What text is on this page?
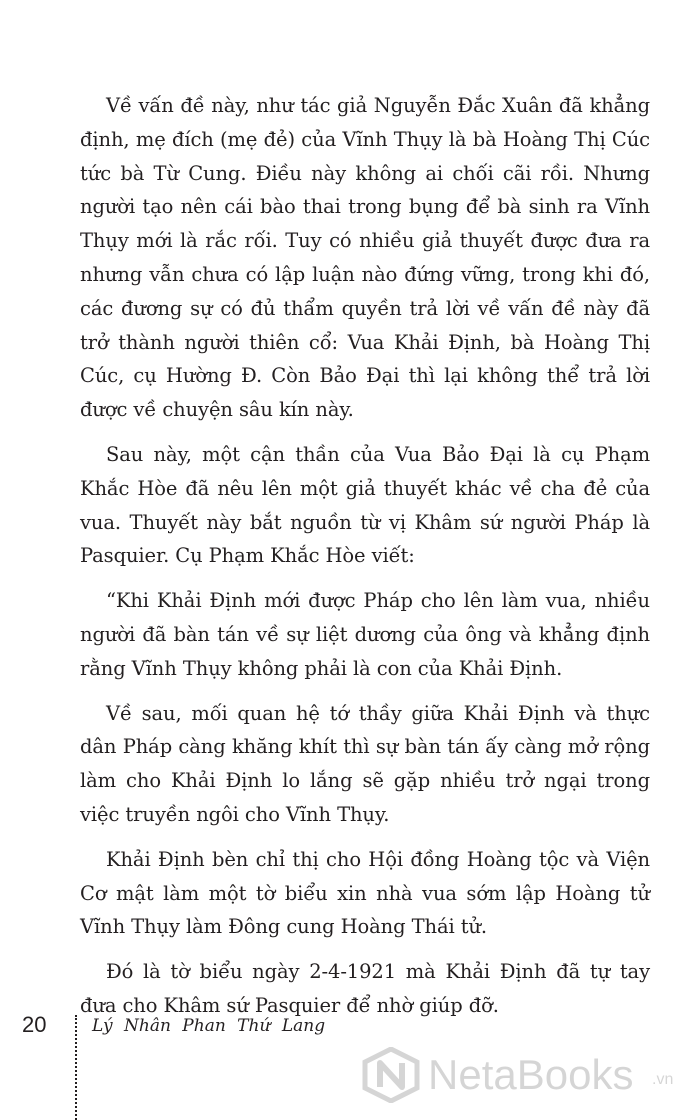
Về vấn đề này, như tác giả Nguyễn Đắc Xuân đã khẳng định, mẹ đích (mẹ đẻ) của Vĩnh Thụy là bà Hoàng Thị Cúc tức bà Từ Cung. Điều này không ai chối cãi rồi. Nhưng người tạo nên cái bào thai trong bụng để bà sinh ra Vĩnh Thụy mới là rắc rối. Tuy có nhiều giả thuyết được đưa ra nhưng vẫn chưa có lập luận nào đứng vững, trong khi đó, các đương sự có đủ thẩm quyền trả lời về vấn đề này đã trở thành người thiên cổ: Vua Khải Định, bà Hoàng Thị Cúc, cụ Hường Đ. Còn Bảo Đại thì lại không thể trả lời được về chuyện sâu kín này.

Sau này, một cận thần của Vua Bảo Đại là cụ Phạm Khắc Hòe đã nêu lên một giả thuyết khác về cha đẻ của vua. Thuyết này bắt nguồn từ vị Khâm sứ người Pháp là Pasquier. Cụ Phạm Khắc Hòe viết:

“Khi Khải Định mới được Pháp cho lên làm vua, nhiều người đã bàn tán về sự liệt dương của ông và khẳng định rằng Vĩnh Thụy không phải là con của Khải Định.

Về sau, mối quan hệ tớ thầy giữa Khải Định và thực dân Pháp càng khăng khít thì sự bàn tán ấy càng mở rộng làm cho Khải Định lo lắng sẽ gặp nhiều trở ngại trong việc truyền ngôi cho Vĩnh Thụy.

Khải Định bèn chỉ thị cho Hội đồng Hoàng tộc và Viện Cơ mật làm một tờ biểu xin nhà vua sớm lập Hoàng tử Vĩnh Thụy làm Đông cung Hoàng Thái tử.

Đó là tờ biểu ngày 2-4-1921 mà Khải Định đã tự tay đưa cho Khâm sứ Pasquier để nhờ giúp đỡ.

20	Lý Nhân Phan Thứ Lang
NetaBooks .vn
